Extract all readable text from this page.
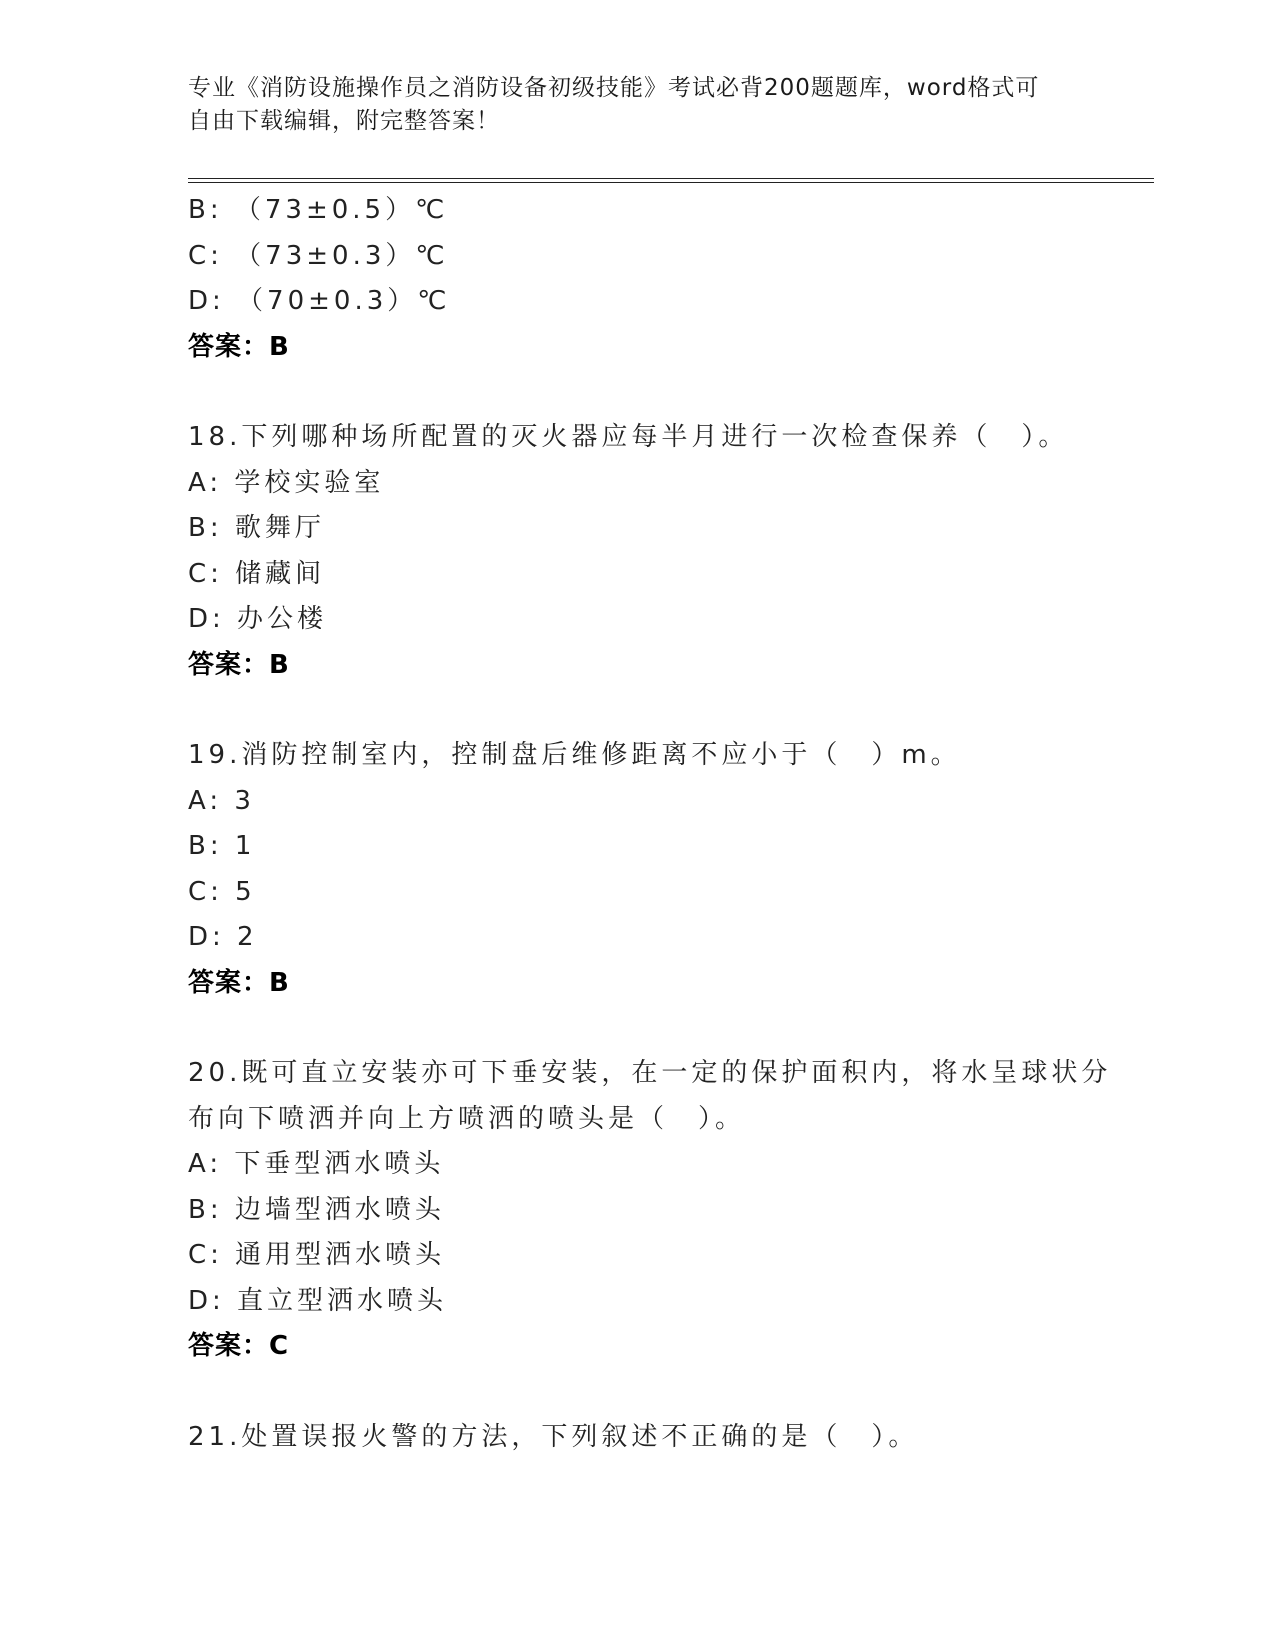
专业《消防设施操作员之消防设备初级技能》考试必背200题题库，word格式可
自由下载编辑，附完整答案！
B: （73±0.5）℃
C: （73±0.3）℃
D: （70±0.3）℃
答案：B
18.下列哪种场所配置的灭火器应每半月进行一次检查保养（　）。
A: 学校实验室
B: 歌舞厅
C: 储藏间
D: 办公楼
答案：B
19.消防控制室内，控制盘后维修距离不应小于（　）m。
A: 3
B: 1
C: 5
D: 2
答案：B
20.既可直立安装亦可下垂安装，在一定的保护面积内，将水呈球状分
布向下喷洒并向上方喷洒的喷头是（　）。
A: 下垂型洒水喷头
B: 边墙型洒水喷头
C: 通用型洒水喷头
D: 直立型洒水喷头
答案：C
21.处置误报火警的方法，下列叙述不正确的是（　）。
